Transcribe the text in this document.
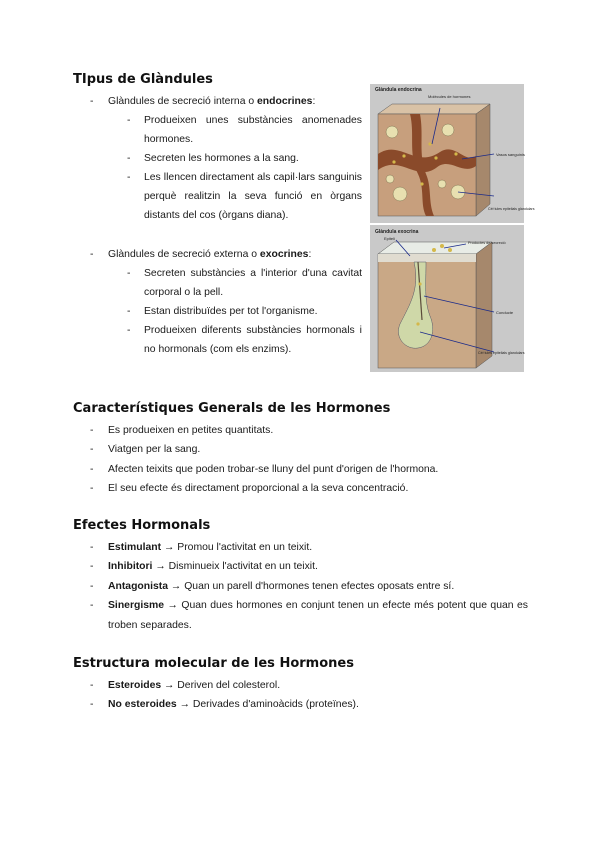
TIpus de Glàndules
- Glàndules de secreció interna o endocrines:
- Produeixen unes substàncies anomenades hormones.
- Secreten les hormones a la sang.
- Les llencen directament als capil·lars sanguinis perquè realitzin la seva funció en òrgans distants del cos (òrgans diana).
- Glàndules de secreció externa o exocrines:
- Secreten substàncies a l'interior d'una cavitat corporal o la pell.
- Estan distribuïdes per tot l'organisme.
- Produeixen diferents substàncies hormonals i no hormonals (com els enzims).
Glàndula endocrina
Molècules de hormones
Vasos sanguinis
Cèl·lules epitelials glandulars
Glàndula exocrina
Epiteli
Productes de secreció
Conducte
Cèl·lules epitelials glandulars
Característiques Generals de les Hormones
- Es produeixen en petites quantitats.
- Viatgen per la sang.
- Afecten teixits que poden trobar-se lluny del punt d'origen de l'hormona.
- El seu efecte és directament proporcional a la seva concentració.
Efectes Hormonals
- Estimulant → Promou l'activitat en un teixit.
- Inhibitori → Disminueix l'activitat en un teixit.
- Antagonista → Quan un parell d'hormones tenen efectes oposats entre sí.
- Sinergisme → Quan dues hormones en conjunt tenen un efecte més potent que quan es troben separades.
Estructura molecular de les Hormones
- Esteroides → Deriven del colesterol.
- No esteroides → Derivades d'aminoàcids (proteïnes).
